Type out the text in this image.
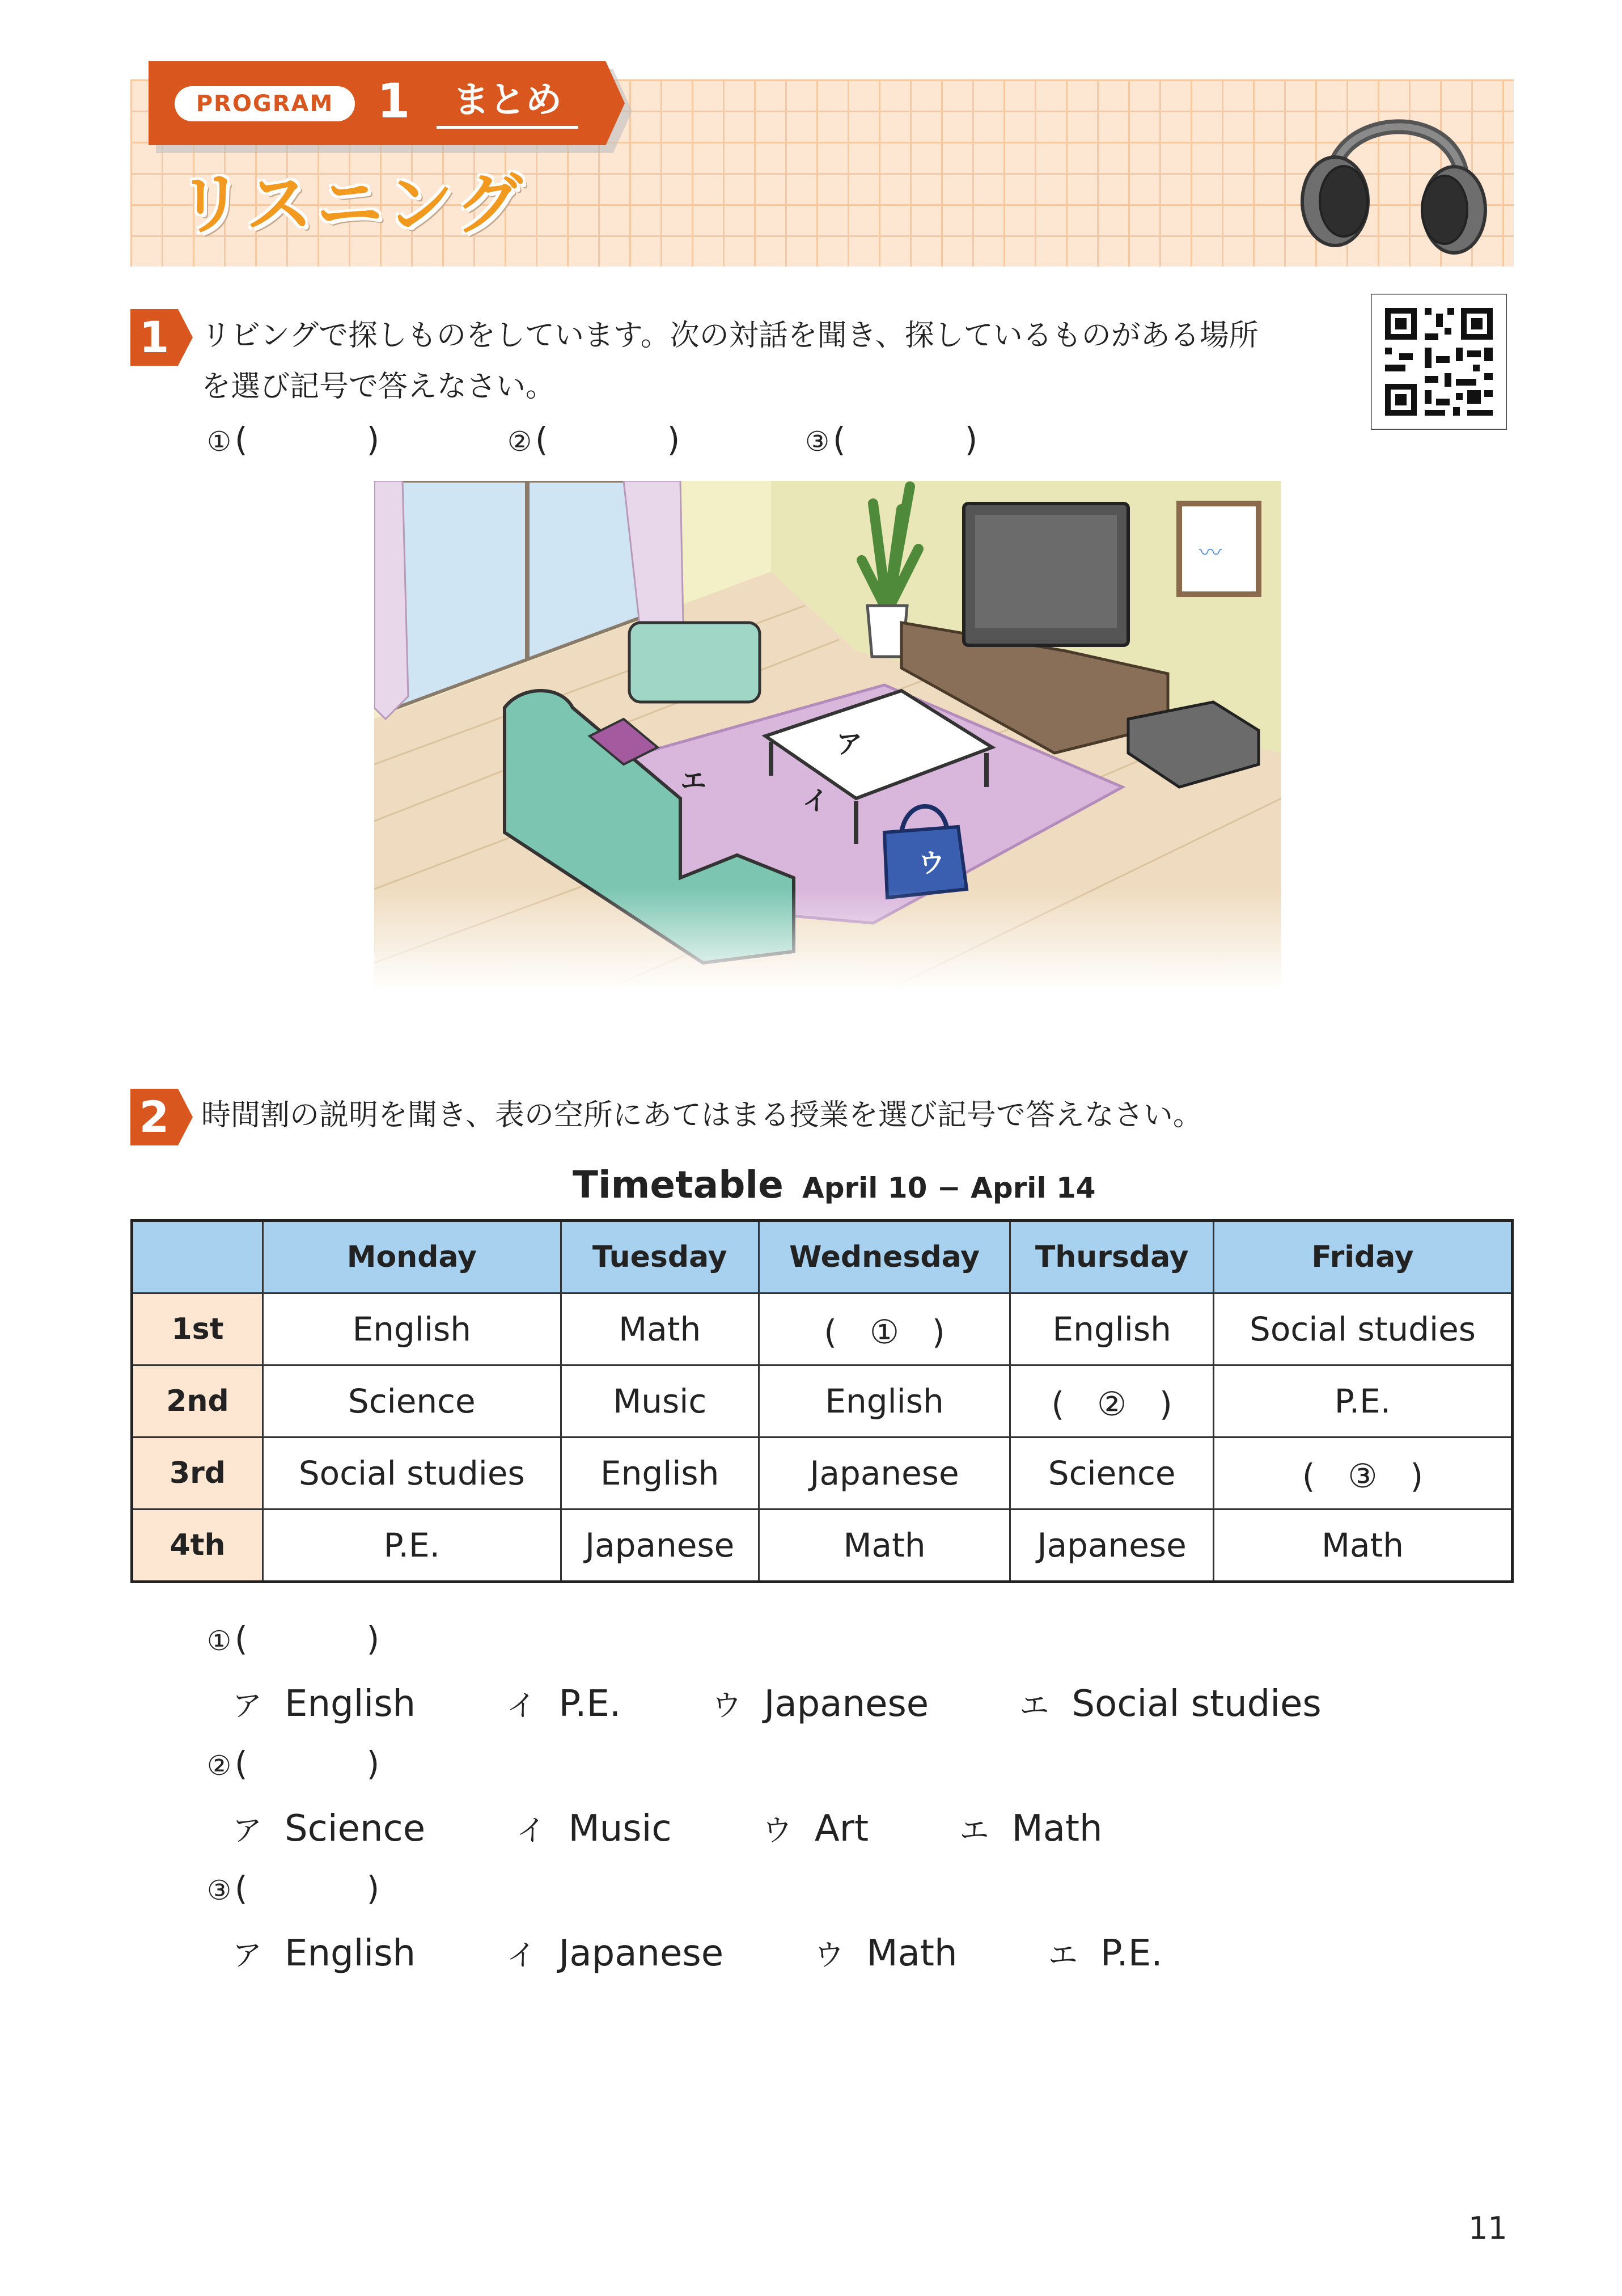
PROGRAM 1	まとめ
リスニング
1 リビングで探しものをしています。次の対話を聞き、探しているものがある場所
を選び記号で答えなさい。
① (	)	② (	)	③ (	)
2 時間割の説明を聞き、表の空所にあてはまる授業を選び記号で答えなさい。
Timetable April 10 − April 14
	Monday	Tuesday	Wednesday	Thursday	Friday
1st	English	Math	(　①　)	English	Social studies
2nd	Science	Music	English	(　②　)	P.E.
3rd	Social studies	English	Japanese	Science	(　③　)
4th	P.E.	Japanese	Math	Japanese	Math
① (	)
ア English	イ P.E.	ウ Japanese	エ Social studies
② (	)
ア Science	イ Music	ウ Art	エ Math
③ (	)
ア English	イ Japanese	ウ Math	エ P.E.
11
